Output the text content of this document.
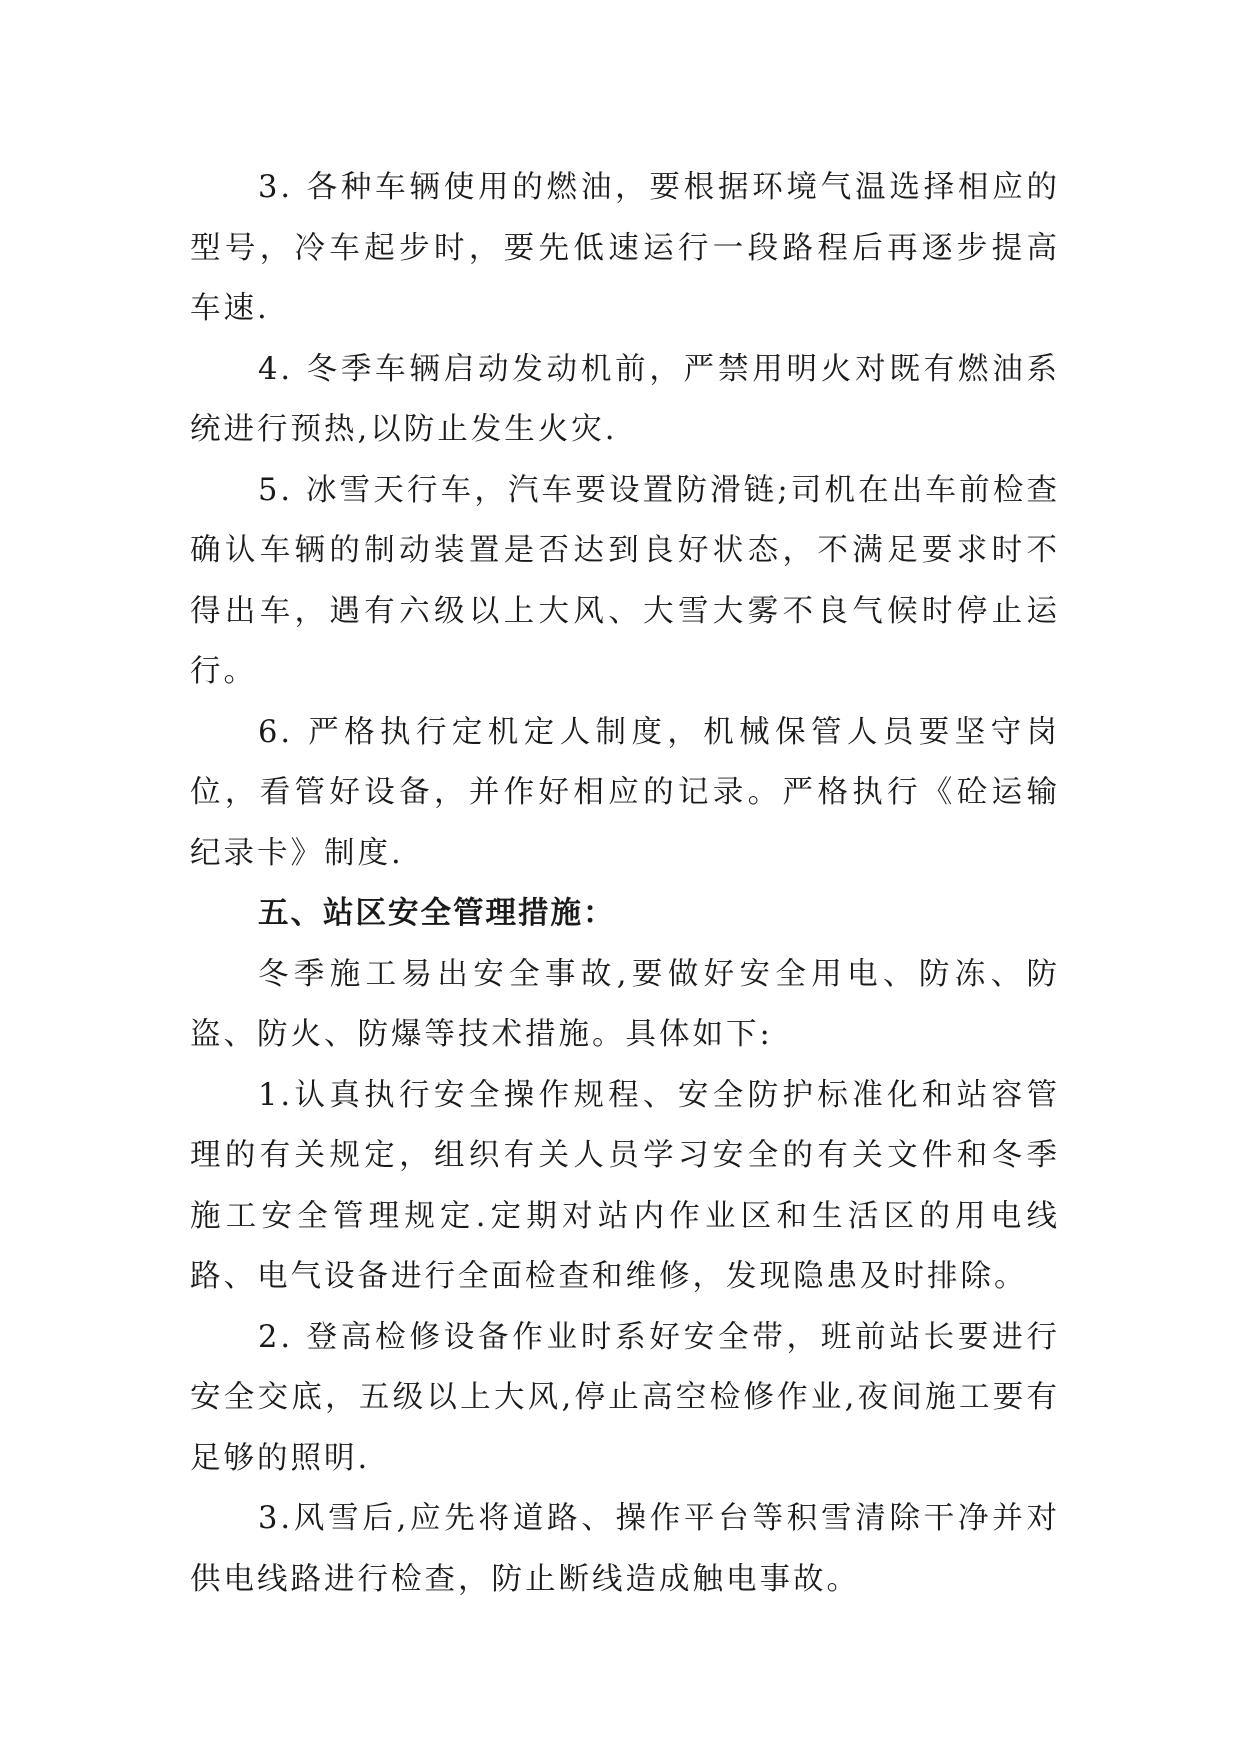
3. 各种车辆使用的燃油，要根据环境气温选择相应的型号，冷车起步时，要先低速运行一段路程后再逐步提高车速.

4. 冬季车辆启动发动机前，严禁用明火对既有燃油系统进行预热,以防止发生火灾.

5. 冰雪天行车，汽车要设置防滑链;司机在出车前检查确认车辆的制动装置是否达到良好状态，不满足要求时不得出车，遇有六级以上大风、大雪大雾不良气候时停止运行。

6. 严格执行定机定人制度，机械保管人员要坚守岗位，看管好设备，并作好相应的记录。严格执行《砼运输纪录卡》制度.

五、站区安全管理措施：

冬季施工易出安全事故,要做好安全用电、防冻、防盗、防火、防爆等技术措施。具体如下:

1.认真执行安全操作规程、安全防护标准化和站容管理的有关规定，组织有关人员学习安全的有关文件和冬季施工安全管理规定.定期对站内作业区和生活区的用电线路、电气设备进行全面检查和维修，发现隐患及时排除。

2. 登高检修设备作业时系好安全带，班前站长要进行安全交底，五级以上大风,停止高空检修作业,夜间施工要有足够的照明.

3.风雪后,应先将道路、操作平台等积雪清除干净并对供电线路进行检查，防止断线造成触电事故。
